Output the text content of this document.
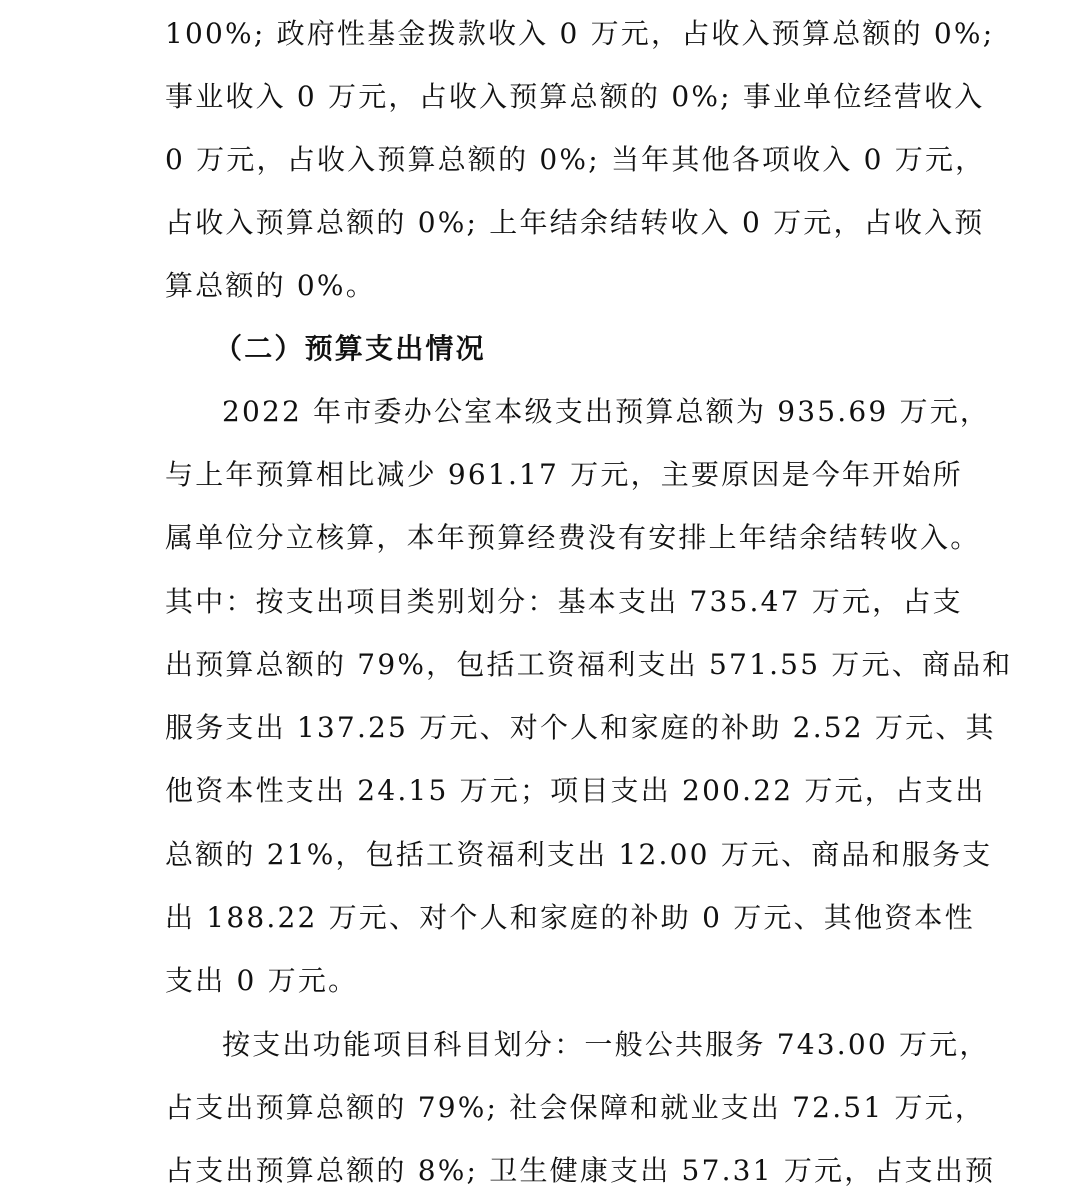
100%; 政府性基金拨款收入 0 万元，占收入预算总额的 0%;
事业收入 0 万元，占收入预算总额的 0%; 事业单位经营收入
0 万元，占收入预算总额的 0%; 当年其他各项收入 0 万元，
占收入预算总额的 0%; 上年结余结转收入 0 万元，占收入预
算总额的 0%。
（二）预算支出情况
2022 年市委办公室本级支出预算总额为 935.69 万元，
与上年预算相比减少 961.17 万元，主要原因是今年开始所
属单位分立核算，本年预算经费没有安排上年结余结转收入。
其中：按支出项目类别划分：基本支出 735.47 万元，占支
出预算总额的 79%，包括工资福利支出 571.55 万元、商品和
服务支出 137.25 万元、对个人和家庭的补助 2.52 万元、其
他资本性支出 24.15 万元；项目支出 200.22 万元，占支出
总额的 21%，包括工资福利支出 12.00 万元、商品和服务支
出 188.22 万元、对个人和家庭的补助 0 万元、其他资本性
支出 0 万元。
按支出功能项目科目划分：一般公共服务 743.00 万元，
占支出预算总额的 79%; 社会保障和就业支出 72.51 万元，
占支出预算总额的 8%; 卫生健康支出 57.31 万元，占支出预
